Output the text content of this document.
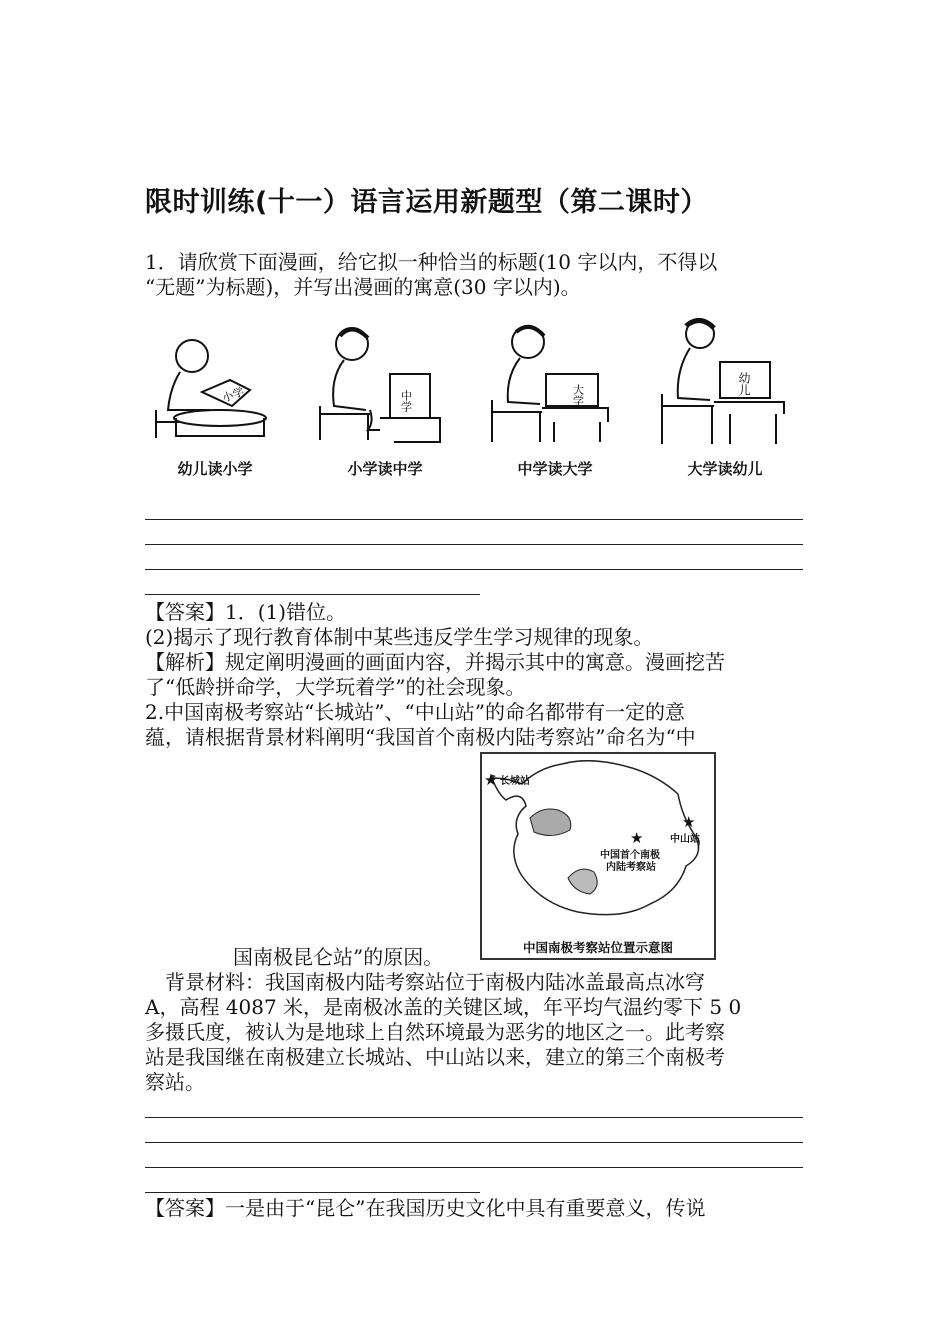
限时训练(十一）语言运用新题型（第二课时）
1．请欣赏下面漫画，给它拟一种恰当的标题(10 字以内，不得以
“无题”为标题)，并写出漫画的寓意(30 字以内)。
小学
幼儿读小学
中学
小学读中学
大学
中学读大学
幼儿
大学读幼儿
【答案】1．(1)错位。
(2)揭示了现行教育体制中某些违反学生学习规律的现象。
【解析】规定阐明漫画的画面内容，并揭示其中的寓意。漫画挖苦
了“低龄拼命学，大学玩着学”的社会现象。
2.中国南极考察站“长城站”、“中山站”的命名都带有一定的意
蕴，请根据背景材料阐明“我国首个南极内陆考察站”命名为“中
★ 长城站
★
中山站
★
中国首个南极
内陆考察站
中国南极考察站位置示意图
国南极昆仑站”的原因。
　背景材料：我国南极内陆考察站位于南极内陆冰盖最高点冰穹
A，高程 4087 米，是南极冰盖的关键区域，年平均气温约零下 5 0
多摄氏度，被认为是地球上自然环境最为恶劣的地区之一。此考察
站是我国继在南极建立长城站、中山站以来，建立的第三个南极考
察站。
【答案】一是由于“昆仑”在我国历史文化中具有重要意义，传说
